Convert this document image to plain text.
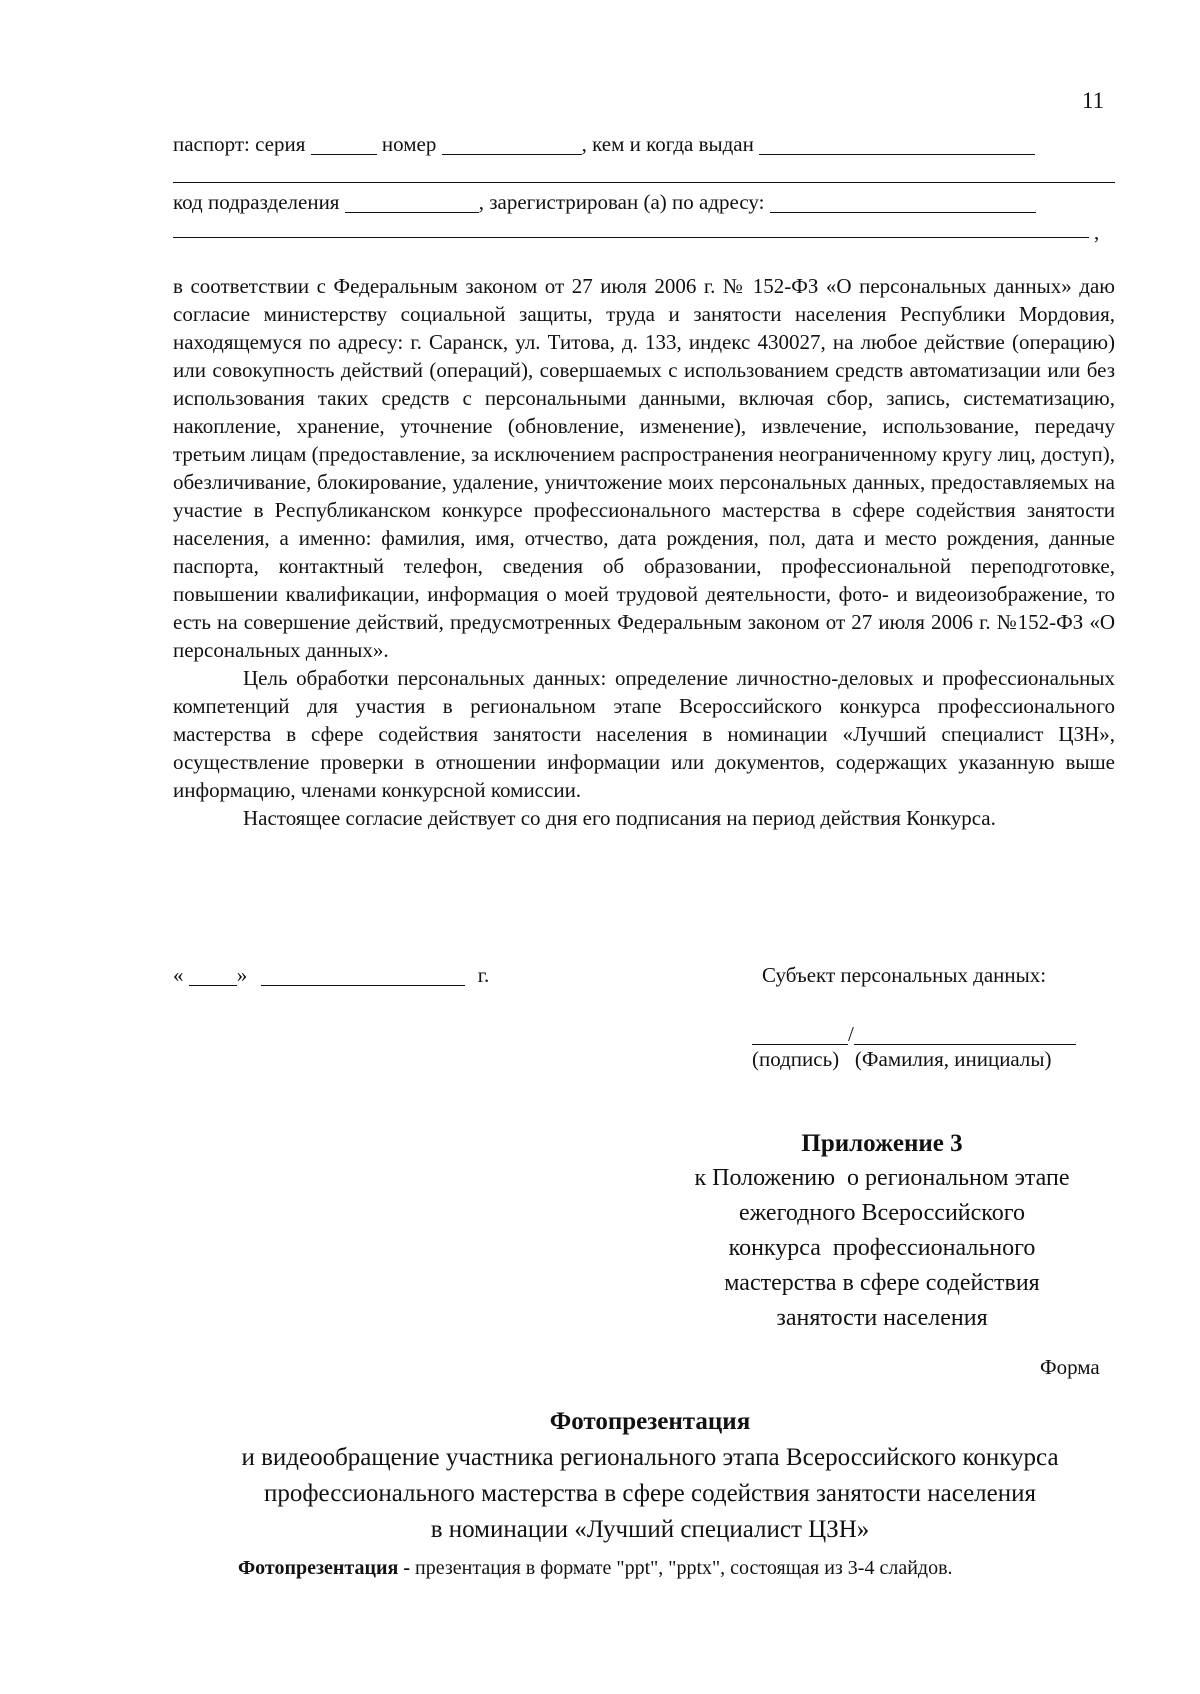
11
паспорт: серия	номер	, кем и когда выдан
код подразделения	, зарегистрирован (а) по адресу:
,

в соответствии с Федеральным законом от 27 июля 2006 г. № 152-ФЗ «О персональных данных» даю согласие министерству социальной защиты, труда и занятости населения Республики Мордовия, находящемуся по адресу: г. Саранск, ул. Титова, д. 133, индекс 430027, на любое действие (операцию) или совокупность действий (операций), совершаемых с использованием средств автоматизации или без использования таких средств с персональными данными, включая сбор, запись, систематизацию, накопление, хранение, уточнение (обновление, изменение), извлечение, использование, передачу третьим лицам (предоставление, за исключением распространения неограниченному кругу лиц, доступ), обезличивание, блокирование, удаление, уничтожение моих персональных данных, предоставляемых на участие в Республиканском конкурсе профессионального мастерства в сфере содействия занятости населения, а именно: фамилия, имя, отчество, дата рождения, пол, дата и место рождения, данные паспорта, контактный телефон, сведения об образовании, профессиональной переподготовке, повышении квалификации, информация о моей трудовой деятельности, фото- и видеоизображение, то есть на совершение действий, предусмотренных Федеральным законом от 27 июля 2006 г. №152-ФЗ «О персональных данных».

Цель обработки персональных данных: определение личностно-деловых и профессиональных компетенций для участия в региональном этапе Всероссийского конкурса профессионального мастерства в сфере содействия занятости населения в номинации «Лучший специалист ЦЗН», осуществление проверки в отношении информации или документов, содержащих указанную выше информацию, членами конкурсной комиссии.

Настоящее согласие действует со дня его подписания на период действия Конкурса.

«	»	г.	Субъект персональных данных:
/
(подпись)   (Фамилия, инициалы)
Приложение 3
к Положению  о региональном этапе
ежегодного Всероссийского
конкурса  профессионального
мастерства в сфере содействия
занятости населения
Форма
Фотопрезентация
и видеообращение участника регионального этапа Всероссийского конкурса
профессионального мастерства в сфере содействия занятости населения
в номинации «Лучший специалист ЦЗН»
Фотопрезентация - презентация в формате "ppt", "pptx", состоящая из 3-4 слайдов.
